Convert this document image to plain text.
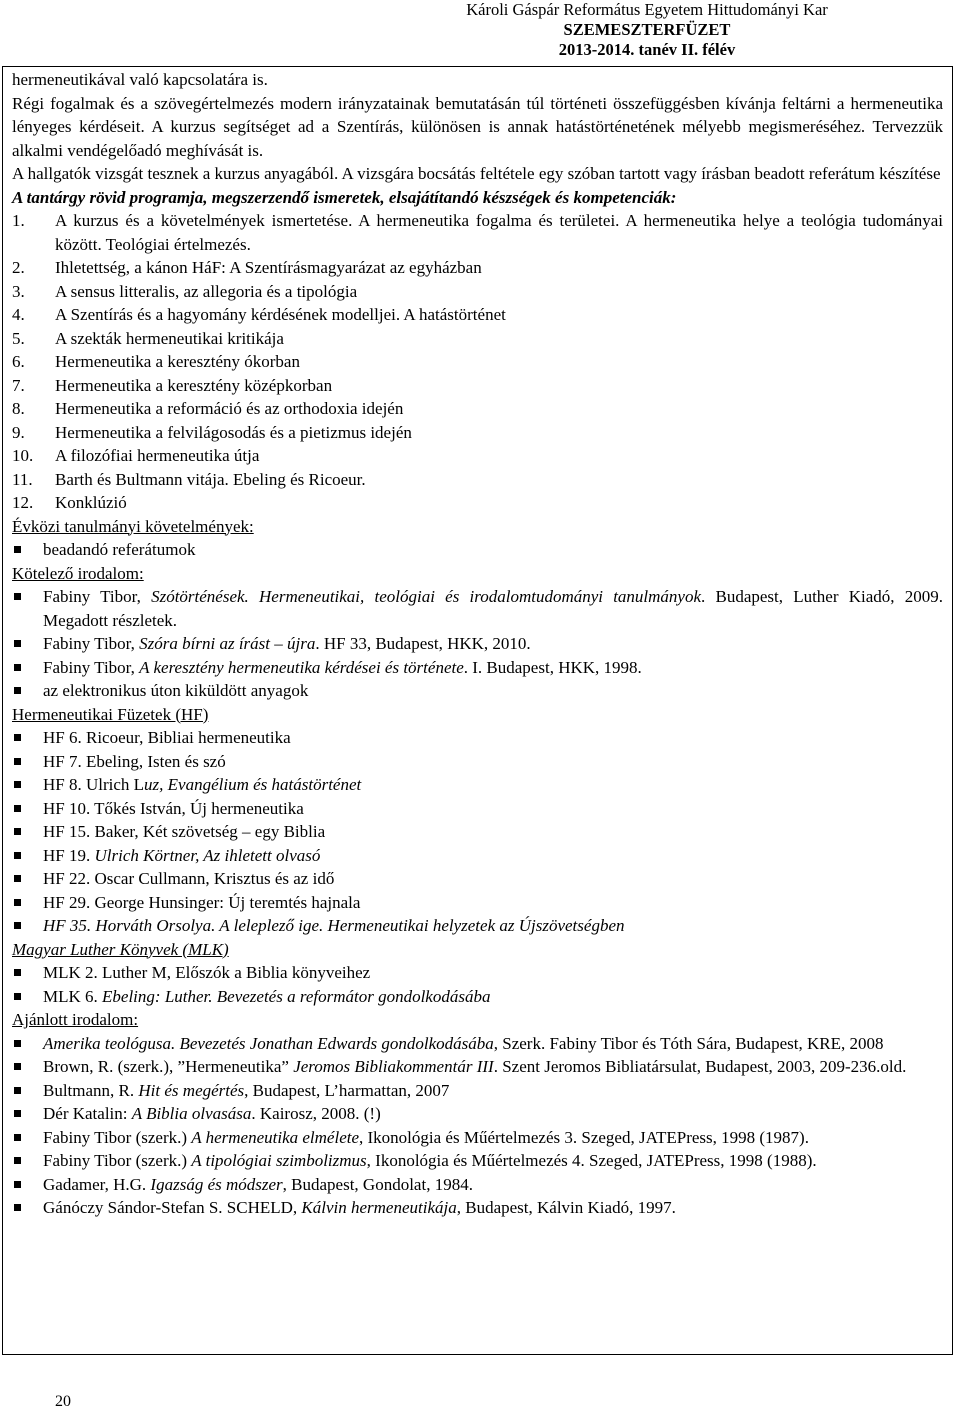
Károli Gáspár Református Egyetem Hittudományi Kar
SZEMESZTERFÜZET
2013-2014. tanév II. félév

hermeneutikával való kapcsolatára is.

Régi fogalmak és a szövegértelmezés modern irányzatainak bemutatásán túl történeti összefüggésben kívánja feltárni a hermeneutika lényeges kérdéseit. A kurzus segítséget ad a Szentírás, különösen is annak hatástörténetének mélyebb megismeréséhez. Tervezzük alkalmi vendégelőadó meghívását is.

A hallgatók vizsgát tesznek a kurzus anyagából. A vizsgára bocsátás feltétele egy szóban tartott vagy írásban beadott referátum készítése

A tantárgy rövid programja, megszerzendő ismeretek, elsajátítandó készségek és kompetenciák:

1.	A kurzus és a követelmények ismertetése. A hermeneutika fogalma és területei. A hermeneutika helye a teológia tudományai között. Teológiai értelmezés.
2.	Ihletettség, a kánon HáF: A Szentírásmagyarázat az egyházban
3.	A sensus litteralis, az allegoria és a tipológia
4.	A Szentírás és a hagyomány kérdésének modelljei. A hatástörténet
5.	A szekták hermeneutikai kritikája
6.	Hermeneutika a keresztény ókorban
7.	Hermeneutika a keresztény középkorban
8.	Hermeneutika a reformáció és az orthodoxia idején
9.	Hermeneutika a felvilágosodás és a pietizmus idején
10.	A filozófiai hermeneutika útja
11.	Barth és Bultmann vitája. Ebeling és Ricoeur.
12.	Konklúzió

Évközi tanulmányi követelmények:

beadandó referátumok

Kötelező irodalom:

Fabiny Tibor, Szótörténések. Hermeneutikai, teológiai és irodalomtudományi tanulmányok. Budapest, Luther Kiadó, 2009. Megadott részletek.
Fabiny Tibor, Szóra bírni az írást – újra. HF 33, Budapest, HKK, 2010.
Fabiny Tibor, A keresztény hermeneutika kérdései és története. I. Budapest, HKK, 1998.
az elektronikus úton kiküldött anyagok

Hermeneutikai Füzetek (HF)

HF 6. Ricoeur, Bibliai hermeneutika
HF 7. Ebeling, Isten és szó
HF 8. Ulrich Luz, Evangélium és hatástörténet
HF 10. Tőkés István, Új hermeneutika
HF 15. Baker, Két szövetség – egy Biblia
HF 19. Ulrich Körtner, Az ihletett olvasó
HF 22. Oscar Cullmann, Krisztus és az idő
HF 29. George Hunsinger: Új teremtés hajnala
HF 35. Horváth Orsolya. A leleplező ige. Hermeneutikai helyzetek az Újszövetségben

Magyar Luther Könyvek (MLK)

MLK 2. Luther M, Előszók a Biblia könyveihez
MLK 6. Ebeling: Luther. Bevezetés a reformátor gondolkodásába

Ajánlott irodalom:

Amerika teológusa. Bevezetés Jonathan Edwards gondolkodásába, Szerk. Fabiny Tibor és Tóth Sára, Budapest, KRE, 2008
Brown, R. (szerk.), ”Hermeneutika” Jeromos Bibliakommentár III. Szent Jeromos Bibliatársulat, Budapest, 2003, 209-236.old.
Bultmann, R. Hit és megértés, Budapest, L’harmattan, 2007
Dér Katalin: A Biblia olvasása. Kairosz, 2008. (!)
Fabiny Tibor (szerk.) A hermeneutika elmélete, Ikonológia és Műértelmezés 3. Szeged, JATEPress, 1998 (1987).
Fabiny Tibor (szerk.) A tipológiai szimbolizmus, Ikonológia és Műértelmezés 4. Szeged, JATEPress, 1998 (1988).
Gadamer, H.G. Igazság és módszer, Budapest, Gondolat, 1984.
Gánóczy Sándor-Stefan S. SCHELD, Kálvin hermeneutikája, Budapest, Kálvin Kiadó, 1997.
20
